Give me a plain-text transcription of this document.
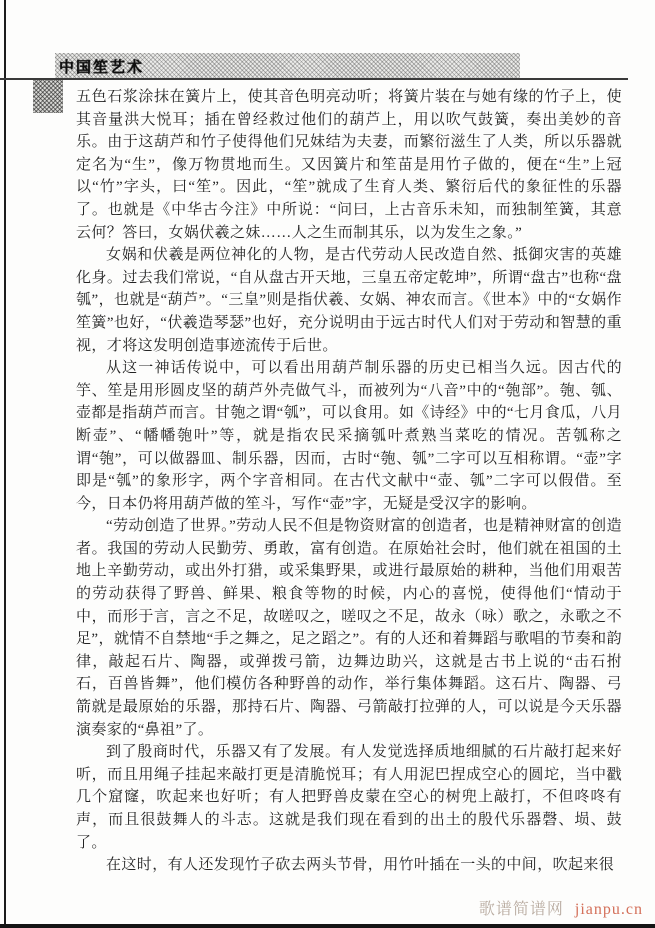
中国笙艺术

五色石浆涂抹在簧片上，使其音色明亮动听；将簧片装在与她有缘的竹子上，使其音量洪大悦耳；插在曾经救过他们的葫芦上，用以吹气鼓簧，奏出美妙的音乐。由于这葫芦和竹子使得他们兄妹结为夫妻，而繁衍滋生了人类，所以乐器就定名为“生”，像万物贯地而生。又因簧片和笙苗是用竹子做的，便在“生”上冠以“竹”字头，曰“笙”。因此，“笙”就成了生育人类、繁衍后代的象征性的乐器了。也就是《中华古今注》中所说：“问曰，上古音乐未知，而独制笙簧，其意云何？答曰，女娲伏羲之妹……人之生而制其乐，以为发生之象。”

女娲和伏羲是两位神化的人物，是古代劳动人民改造自然、抵御灾害的英雄化身。过去我们常说，“自从盘古开天地，三皇五帝定乾坤”，所谓“盘古”也称“盘瓠”，也就是“葫芦”。“三皇”则是指伏羲、女娲、神农而言。《世本》中的“女娲作笙簧”也好，“伏羲造琴瑟”也好，充分说明由于远古时代人们对于劳动和智慧的重视，才将这发明创造事迹流传于后世。

从这一神话传说中，可以看出用葫芦制乐器的历史已相当久远。因古代的竽、笙是用形圆皮坚的葫芦外壳做气斗，而被列为“八音”中的“匏部”。匏、瓠、壶都是指葫芦而言。甘匏之谓“瓠”，可以食用。如《诗经》中的“七月食瓜，八月断壶”、“幡幡匏叶”等，就是指农民采摘瓠叶煮熟当菜吃的情况。苦瓠称之谓“匏”，可以做器皿、制乐器，因而，古时“匏、瓠”二字可以互相称谓。“壶”字即是“瓠”的象形字，两个字音相同。在古代文献中“壶、瓠”二字可以假借。至今，日本仍将用葫芦做的笙斗，写作“壶”字，无疑是受汉字的影响。

“劳动创造了世界。”劳动人民不但是物资财富的创造者，也是精神财富的创造者。我国的劳动人民勤劳、勇敢，富有创造。在原始社会时，他们就在祖国的土地上辛勤劳动，或出外打猎，或采集野果，或进行最原始的耕种，当他们用艰苦的劳动获得了野兽、鲜果、粮食等物的时候，内心的喜悦，使得他们“情动于中，而形于言，言之不足，故嗟叹之，嗟叹之不足，故永（咏）歌之，永歌之不足”，就情不自禁地“手之舞之，足之蹈之”。有的人还和着舞蹈与歌唱的节奏和韵律，敲起石片、陶器，或弹拨弓箭，边舞边助兴，这就是古书上说的“击石拊石，百兽皆舞”，他们模仿各种野兽的动作，举行集体舞蹈。这石片、陶器、弓箭就是最原始的乐器，那持石片、陶器、弓箭敲打拉弹的人，可以说是今天乐器演奏家的“鼻祖”了。

到了殷商时代，乐器又有了发展。有人发觉选择质地细腻的石片敲打起来好听，而且用绳子挂起来敲打更是清脆悦耳；有人用泥巴捏成空心的圆坨，当中戳几个窟窿，吹起来也好听；有人把野兽皮蒙在空心的树兜上敲打，不但咚咚有声，而且很鼓舞人的斗志。这就是我们现在看到的出土的殷代乐器磬、埙、鼓了。

在这时，有人还发现竹子砍去两头节骨，用竹叶插在一头的中间，吹起来很

歌谱简谱网 jianpu.cn
